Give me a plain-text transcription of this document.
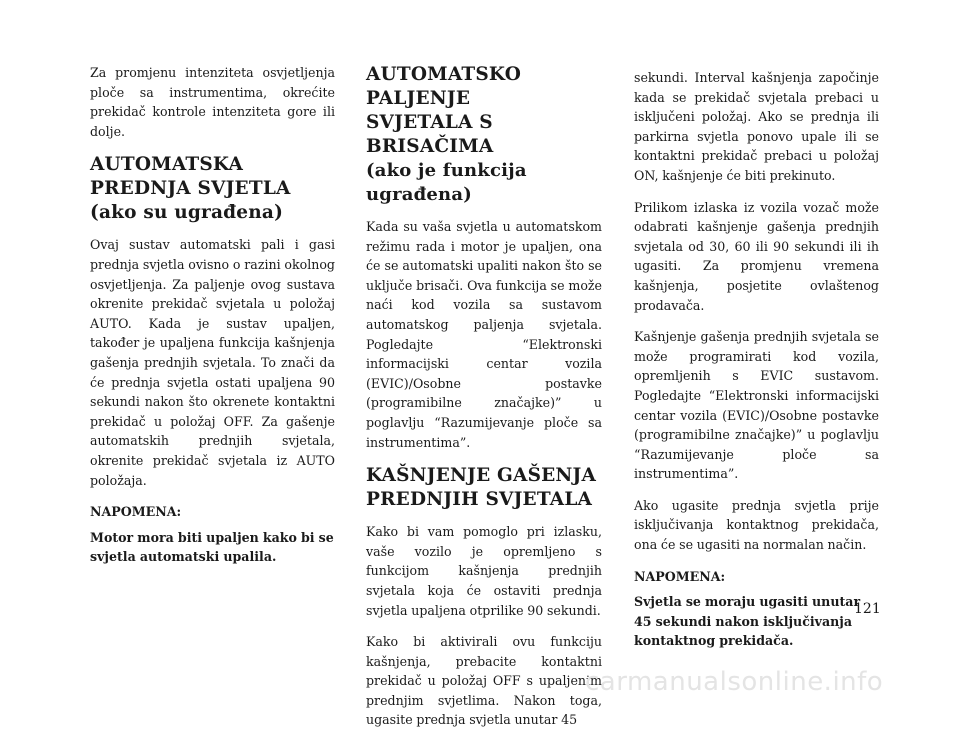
Za promjenu intenziteta osvjetljenja ploče sa instrumentima, okrećite prekidač kontrole intenziteta gore ili dolje.

AUTOMATSKA PREDNJA SVJETLA (ako su ugrađena)

Ovaj sustav automatski pali i gasi prednja svjetla ovisno o razini okolnog osvjetljenja. Za paljenje ovog sustava okrenite prekidač svjetala u položaj AUTO. Kada je sustav upaljen, također je upaljena funkcija kašnjenja gašenja prednjih svjetala. To znači da će prednja svjetla ostati upaljena 90 sekundi nakon što okrenete kontaktni prekidač u položaj OFF. Za gašenje automatskih prednjih svjetala, okrenite prekidač svjetala iz AUTO položaja.

NAPOMENA:

Motor mora biti upaljen kako bi se svjetla automatski upalila.

AUTOMATSKO PALJENJE
SVJETALA S BRISAČIMA
(ako je funkcija ugrađena)

Kada su vaša svjetla u automatskom režimu rada i motor je upaljen, ona će se automatski upaliti nakon što se uključe brisači. Ova funkcija se može naći kod vozila sa sustavom automatskog paljenja svjetala. Pogledajte “Elektronski informacijski centar vozila (EVIC)/Osobne postavke (programibilne značajke)” u poglavlju “Razumijevanje ploče sa instrumentima”.

KAŠNJENJE GAŠENJA
PREDNJIH SVJETALA

Kako bi vam pomoglo pri izlasku, vaše vozilo je opremljeno s funkcijom kašnjenja prednjih svjetala koja će ostaviti prednja svjetla upaljena otprilike 90 sekundi.

Kako bi aktivirali ovu funkciju kašnjenja, prebacite kontaktni prekidač u položaj OFF s upaljenim prednjim svjetlima. Nakon toga, ugasite prednja svjetla unutar 45

sekundi. Interval kašnjenja započinje kada se prekidač svjetala prebaci u isključeni položaj. Ako se prednja ili parkirna svjetla ponovo upale ili se kontaktni prekidač prebaci u položaj ON, kašnjenje će biti prekinuto.

Prilikom izlaska iz vozila vozač može odabrati kašnjenje gašenja prednjih svjetala od 30, 60 ili 90 sekundi ili ih ugasiti. Za promjenu vremena kašnjenja, posjetite ovlaštenog prodavača.

Kašnjenje gašenja prednjih svjetala se može programirati kod vozila, opremljenih s EVIC sustavom. Pogledajte “Elektronski informacijski centar vozila (EVIC)/Osobne postavke (programibilne značajke)” u poglavlju “Razumijevanje ploče sa instrumentima”.

Ako ugasite prednja svjetla prije isključivanja kontaktnog prekidača, ona će se ugasiti na normalan način.

NAPOMENA:

Svjetla se moraju ugasiti unutar 45 sekundi nakon isključivanja kontaktnog prekidača.

121
carmanualsonline.info
